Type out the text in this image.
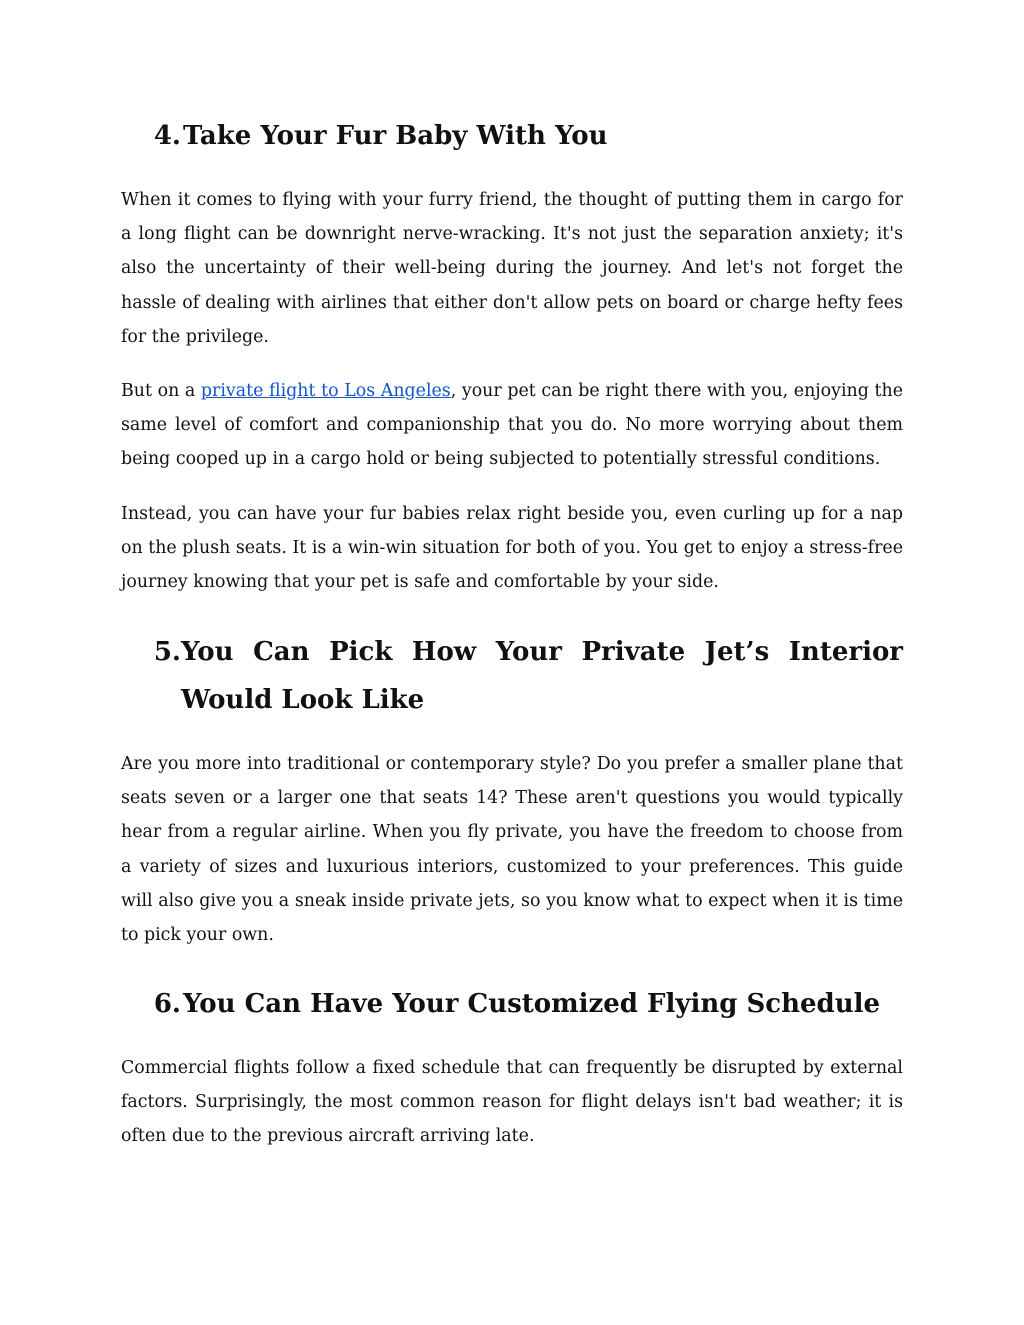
4. Take Your Fur Baby With You

When it comes to flying with your furry friend, the thought of putting them in cargo for a long flight can be downright nerve-wracking. It's not just the separation anxiety; it's also the uncertainty of their well-being during the journey. And let's not forget the hassle of dealing with airlines that either don't allow pets on board or charge hefty fees for the privilege.

But on a private flight to Los Angeles, your pet can be right there with you, enjoying the same level of comfort and companionship that you do. No more worrying about them being cooped up in a cargo hold or being subjected to potentially stressful conditions.

Instead, you can have your fur babies relax right beside you, even curling up for a nap on the plush seats. It is a win-win situation for both of you. You get to enjoy a stress-free journey knowing that your pet is safe and comfortable by your side.

5. You Can Pick How Your Private Jet’s Interior Would Look Like

Are you more into traditional or contemporary style? Do you prefer a smaller plane that seats seven or a larger one that seats 14? These aren't questions you would typically hear from a regular airline. When you fly private, you have the freedom to choose from a variety of sizes and luxurious interiors, customized to your preferences. This guide will also give you a sneak inside private jets, so you know what to expect when it is time to pick your own.

6. You Can Have Your Customized Flying Schedule

Commercial flights follow a fixed schedule that can frequently be disrupted by external factors. Surprisingly, the most common reason for flight delays isn't bad weather; it is often due to the previous aircraft arriving late.
